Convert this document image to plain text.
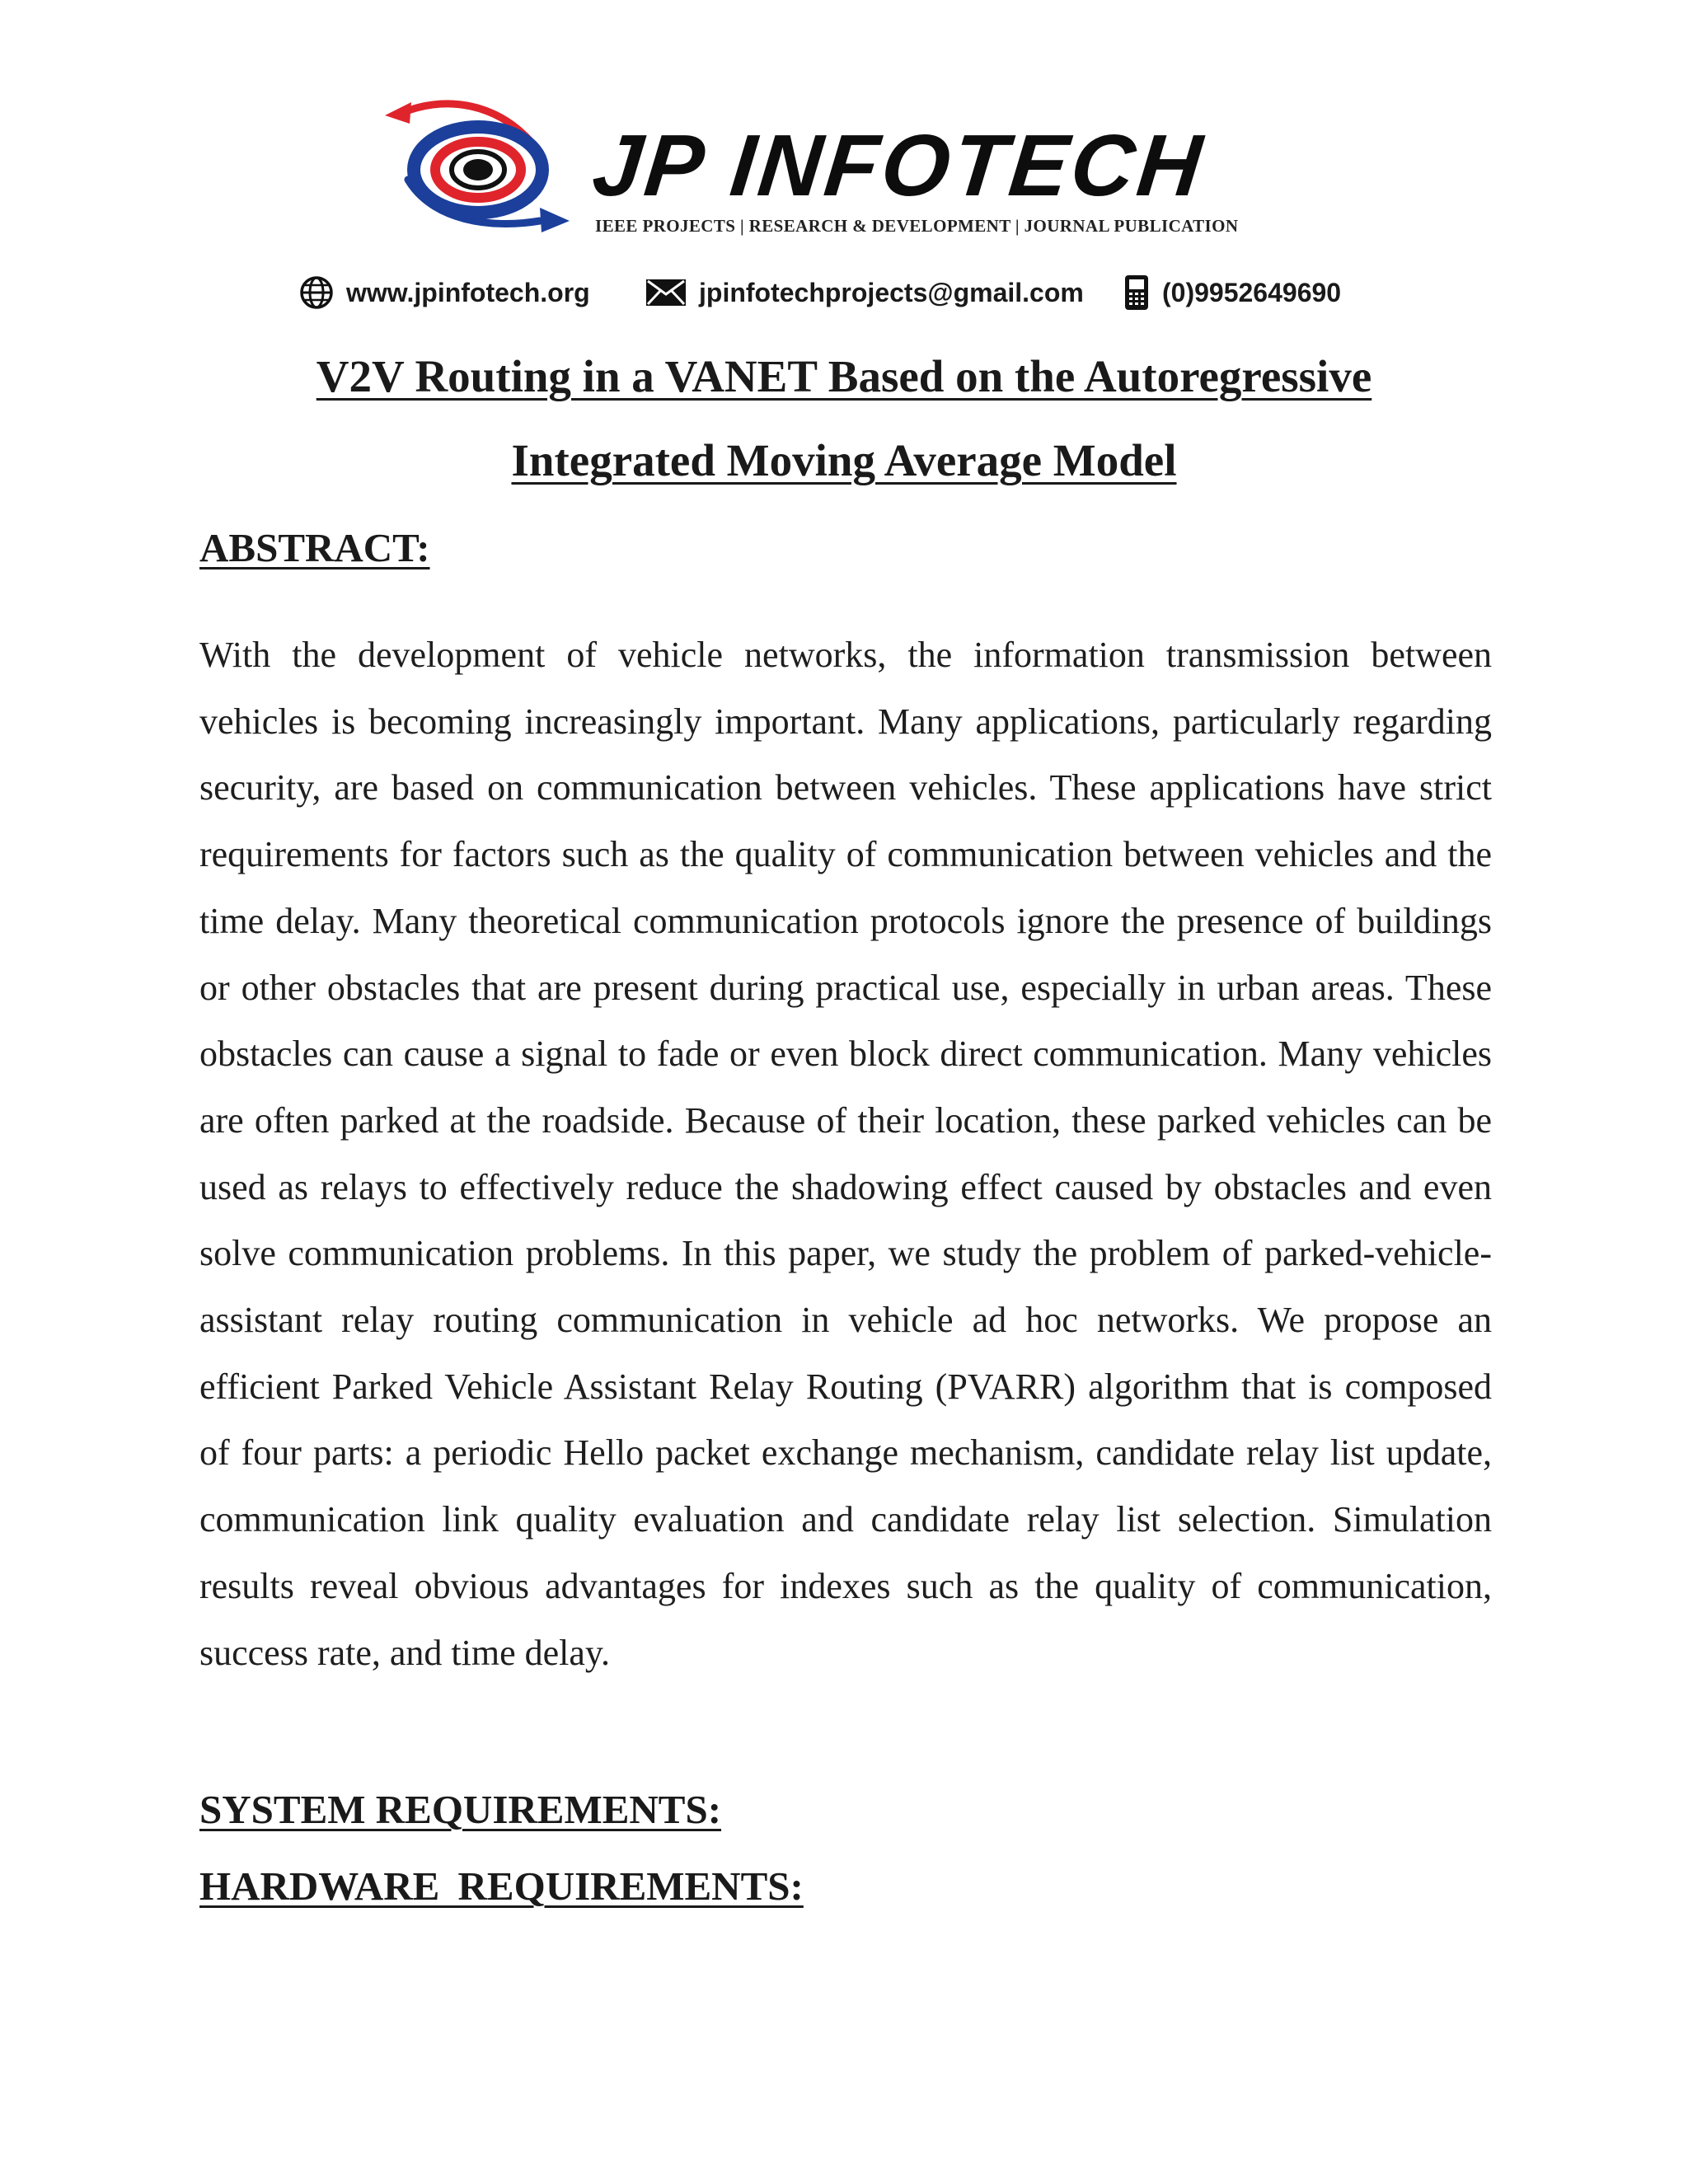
JP INFOTECH
IEEE PROJECTS | RESEARCH & DEVELOPMENT | JOURNAL PUBLICATION
www.jpinfotech.org	jpinfotechprojects@gmail.com	(0)9952649690
V2V Routing in a VANET Based on the Autoregressive
Integrated Moving Average Model
ABSTRACT:

With the development of vehicle networks, the information transmission between vehicles is becoming increasingly important. Many applications, particularly regarding security, are based on communication between vehicles. These applications have strict requirements for factors such as the quality of communication between vehicles and the time delay. Many theoretical communication protocols ignore the presence of buildings or other obstacles that are present during practical use, especially in urban areas. These obstacles can cause a signal to fade or even block direct communication. Many vehicles are often parked at the roadside. Because of their location, these parked vehicles can be used as relays to effectively reduce the shadowing effect caused by obstacles and even solve communication problems. In this paper, we study the problem of parked-vehicle-assistant relay routing communication in vehicle ad hoc networks. We propose an efficient Parked Vehicle Assistant Relay Routing (PVARR) algorithm that is composed of four parts: a periodic Hello packet exchange mechanism, candidate relay list update, communication link quality evaluation and candidate relay list selection. Simulation results reveal obvious advantages for indexes such as the quality of communication, success rate, and time delay.

SYSTEM REQUIREMENTS:
HARDWARE REQUIREMENTS:
